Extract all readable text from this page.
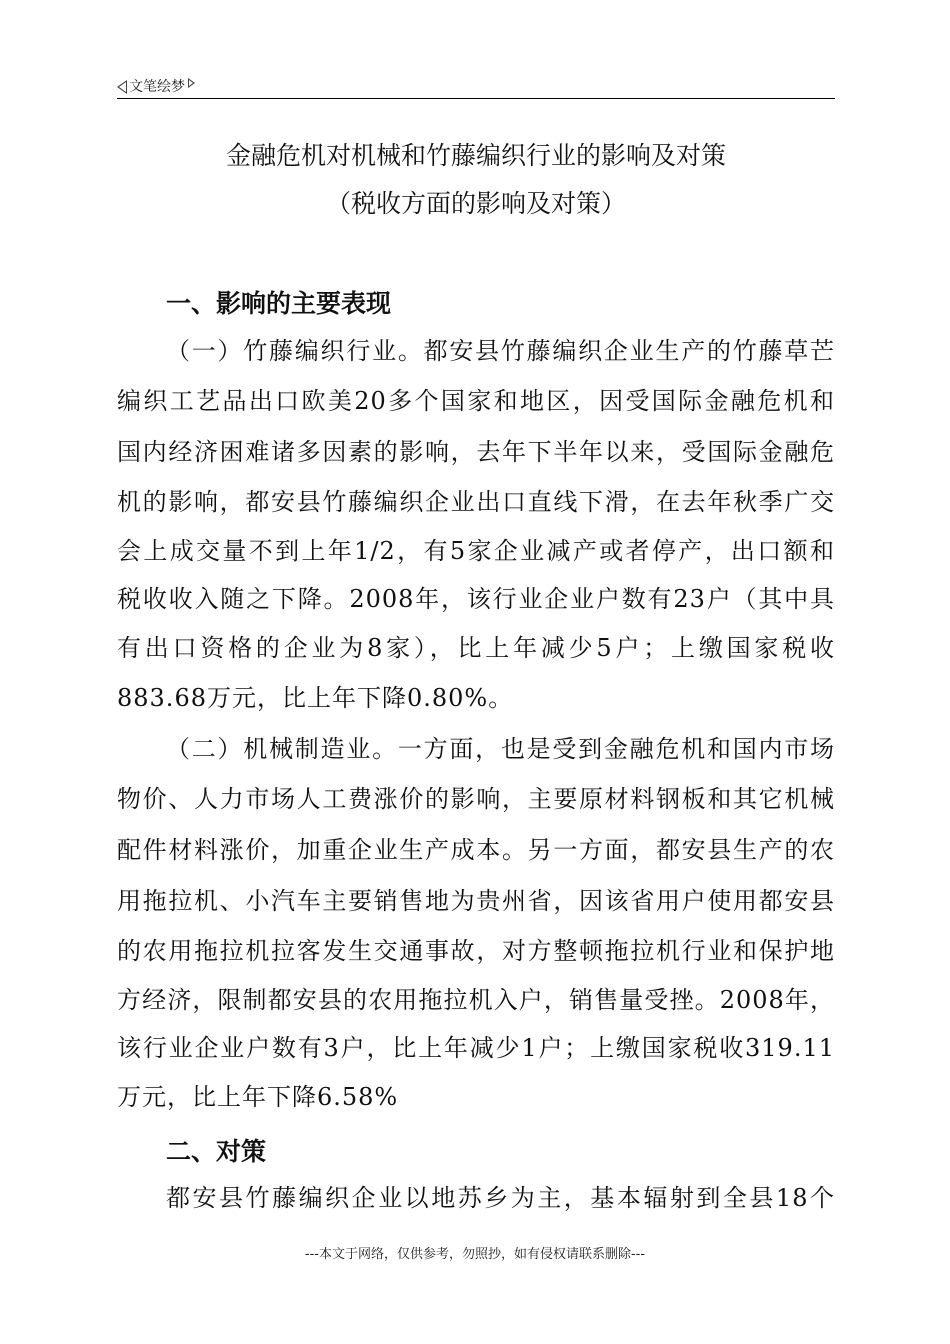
文笔绘梦
金融危机对机械和竹藤编织行业的影响及对策
（税收方面的影响及对策）
一、影响的主要表现
（一）竹藤编织行业。都安县竹藤编织企业生产的竹藤草芒
编织工艺品出口欧美20多个国家和地区，因受国际金融危机和
国内经济困难诸多因素的影响，去年下半年以来，受国际金融危
机的影响，都安县竹藤编织企业出口直线下滑，在去年秋季广交
会上成交量不到上年1/2，有5家企业减产或者停产，出口额和
税收收入随之下降。2008年，该行业企业户数有23户（其中具
有出口资格的企业为8家），比上年减少5户；上缴国家税收
883.68万元，比上年下降0.80%。
（二）机械制造业。一方面，也是受到金融危机和国内市场
物价、人力市场人工费涨价的影响，主要原材料钢板和其它机械
配件材料涨价，加重企业生产成本。另一方面，都安县生产的农
用拖拉机、小汽车主要销售地为贵州省，因该省用户使用都安县
的农用拖拉机拉客发生交通事故，对方整顿拖拉机行业和保护地
方经济，限制都安县的农用拖拉机入户，销售量受挫。2008年，
该行业企业户数有3户，比上年减少1户；上缴国家税收319.11
万元，比上年下降6.58%
二、对策
都安县竹藤编织企业以地苏乡为主，基本辐射到全县18个
---本文于网络，仅供参考，勿照抄，如有侵权请联系删除---
